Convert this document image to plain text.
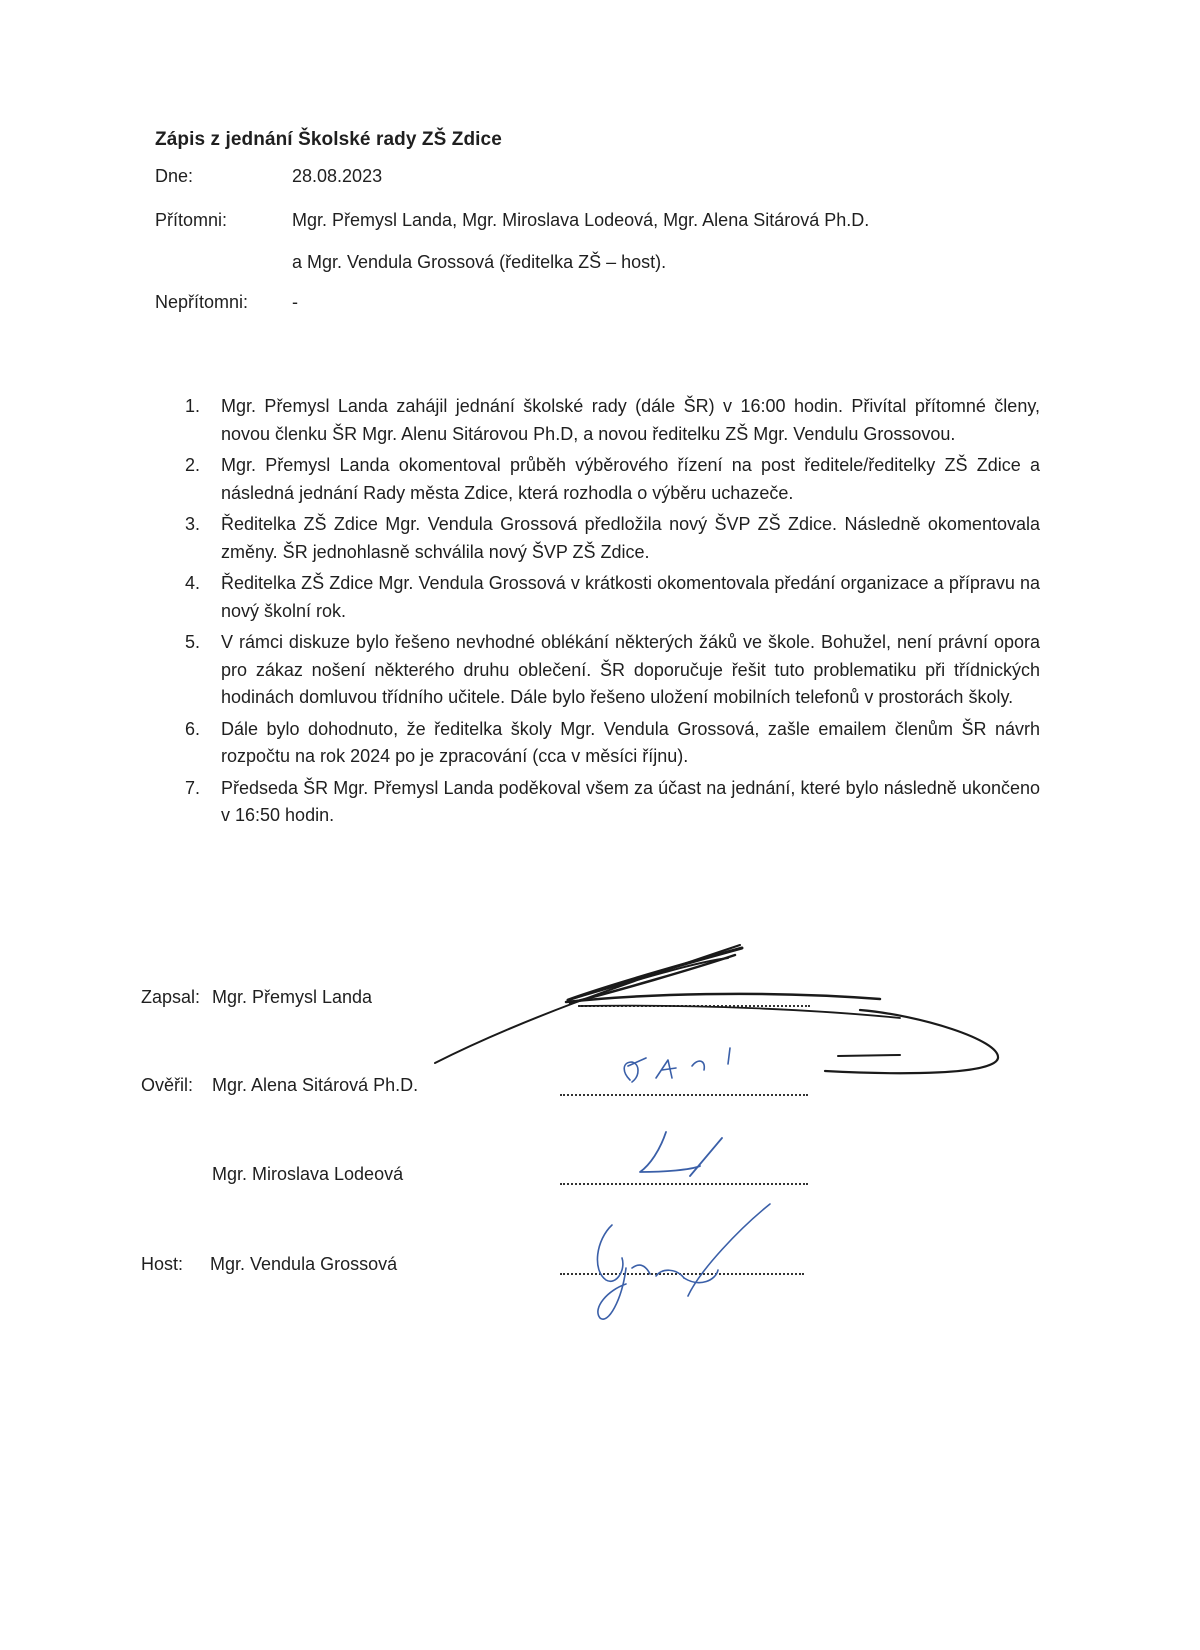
Zápis z jednání Školské rady ZŠ Zdice
Dne:	28.08.2023
Přítomni:	Mgr. Přemysl Landa, Mgr. Miroslava Lodeová, Mgr. Alena Sitárová Ph.D.
a Mgr. Vendula Grossová (ředitelka ZŠ – host).
Nepřítomni: -
1. Mgr. Přemysl Landa zahájil jednání školské rady (dále ŠR) v 16:00 hodin. Přivítal přítomné členy, novou členku ŠR Mgr. Alenu Sitárovou Ph.D, a novou ředitelku ZŠ Mgr. Vendulu Grossovou.
2. Mgr. Přemysl Landa okomentoval průběh výběrového řízení na post ředitele/ředitelky ZŠ Zdice a následná jednání Rady města Zdice, která rozhodla o výběru uchazeče.
3. Ředitelka ZŠ Zdice Mgr. Vendula Grossová předložila nový ŠVP ZŠ Zdice. Následně okomentovala změny. ŠR jednohlasně schválila nový ŠVP ZŠ Zdice.
4. Ředitelka ZŠ Zdice Mgr. Vendula Grossová v krátkosti okomentovala předání organizace a přípravu na nový školní rok.
5. V rámci diskuze bylo řešeno nevhodné oblékání některých žáků ve škole. Bohužel, není právní opora pro zákaz nošení některého druhu oblečení. ŠR doporučuje řešit tuto problematiku při třídnických hodinách domluvou třídního učitele. Dále bylo řešeno uložení mobilních telefonů v prostorách školy.
6. Dále bylo dohodnuto, že ředitelka školy Mgr. Vendula Grossová, zašle emailem členům ŠR návrh rozpočtu na rok 2024 po je zpracování (cca v měsíci říjnu).
7. Předseda ŠR Mgr. Přemysl Landa poděkoval všem za účast na jednání, které bylo následně ukončeno v 16:50 hodin.
Zapsal: Mgr. Přemysl Landa
Ověřil: Mgr. Alena Sitárová Ph.D.
Mgr. Miroslava Lodeová
Host: Mgr. Vendula Grossová
